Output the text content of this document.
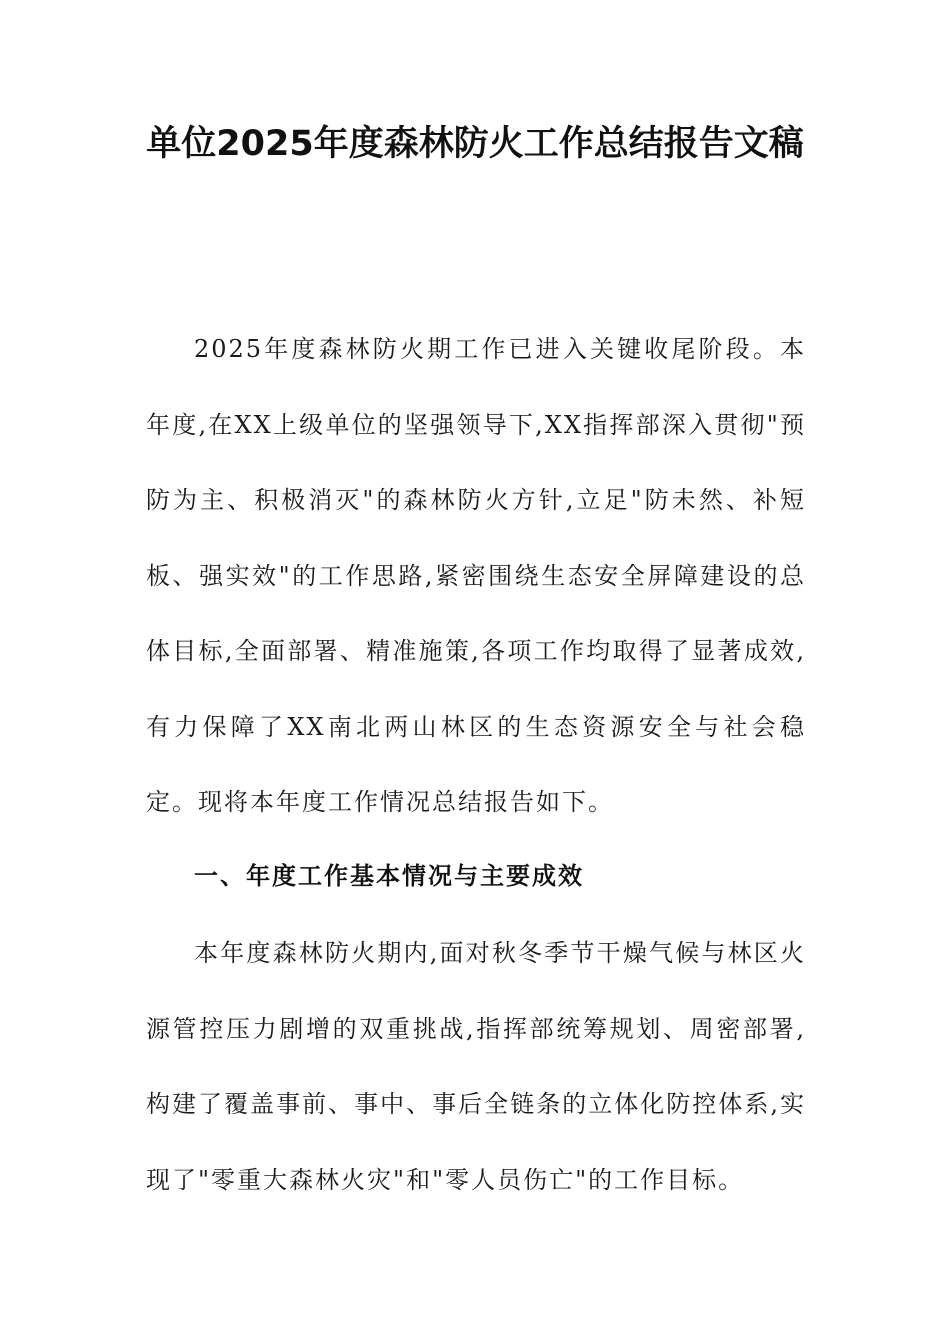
单位2025年度森林防火工作总结报告文稿

2025年度森林防火期工作已进入关键收尾阶段。本年度,在XX上级单位的坚强领导下,XX指挥部深入贯彻"预防为主、积极消灭"的森林防火方针,立足"防未然、补短板、强实效"的工作思路,紧密围绕生态安全屏障建设的总体目标,全面部署、精准施策,各项工作均取得了显著成效,有力保障了XX南北两山林区的生态资源安全与社会稳定。现将本年度工作情况总结报告如下。

一、年度工作基本情况与主要成效

本年度森林防火期内,面对秋冬季节干燥气候与林区火源管控压力剧增的双重挑战,指挥部统筹规划、周密部署,构建了覆盖事前、事中、事后全链条的立体化防控体系,实现了"零重大森林火灾"和"零人员伤亡"的工作目标。
